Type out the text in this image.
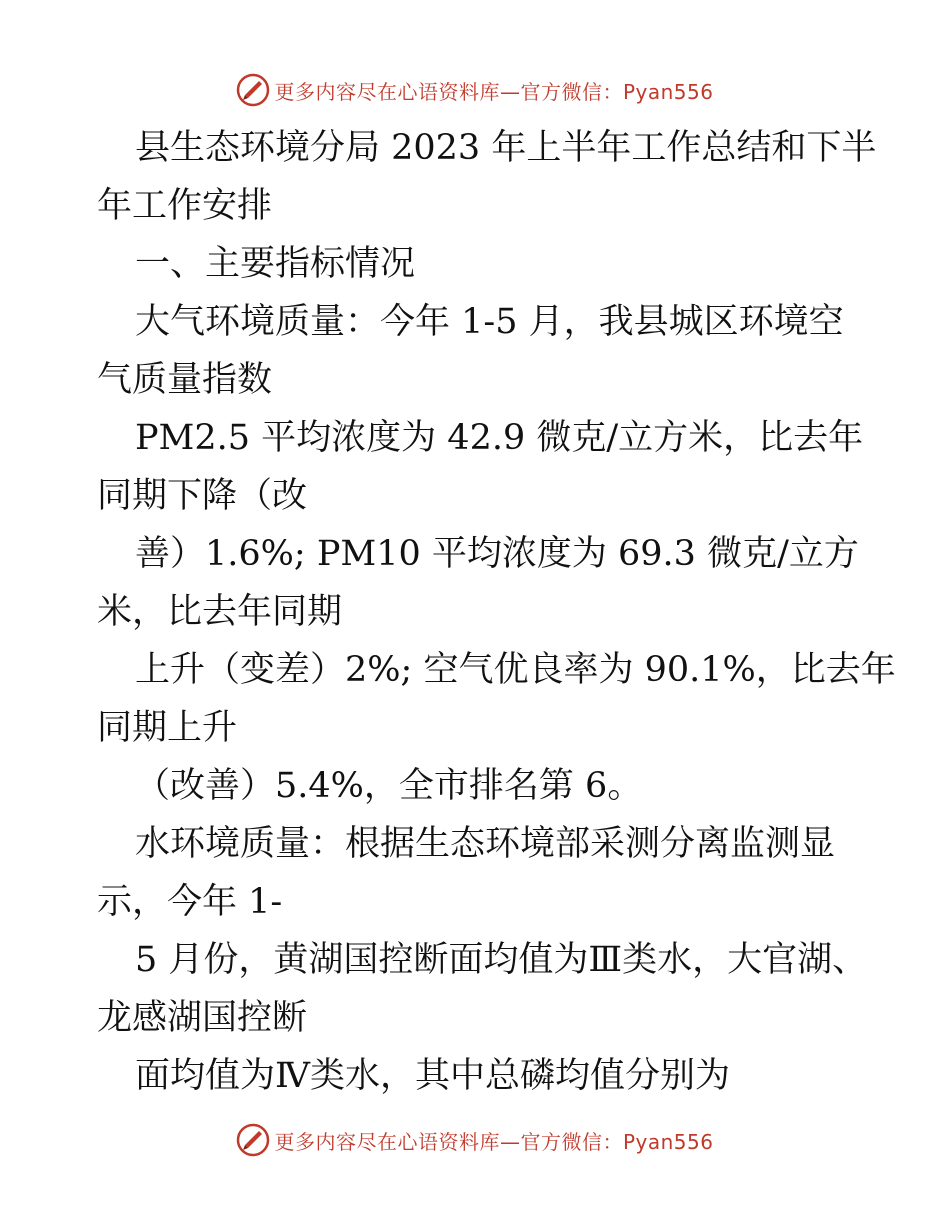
更多内容尽在心语资料库—官方微信：Pyan556
县生态环境分局 2023 年上半年工作总结和下半
年工作安排
一、主要指标情况
大气环境质量：今年 1-5 月，我县城区环境空
气质量指数
PM2.5 平均浓度为 42.9 微克/立方米，比去年
同期下降（改
善）1.6%; PM10 平均浓度为 69.3 微克/立方
米，比去年同期
上升（变差）2%; 空气优良率为 90.1%，比去年
同期上升
（改善）5.4%，全市排名第 6。
水环境质量：根据生态环境部采测分离监测显
示，今年 1-
5 月份，黄湖国控断面均值为Ⅲ类水，大官湖、
龙感湖国控断
面均值为Ⅳ类水，其中总磷均值分别为
更多内容尽在心语资料库—官方微信：Pyan556
